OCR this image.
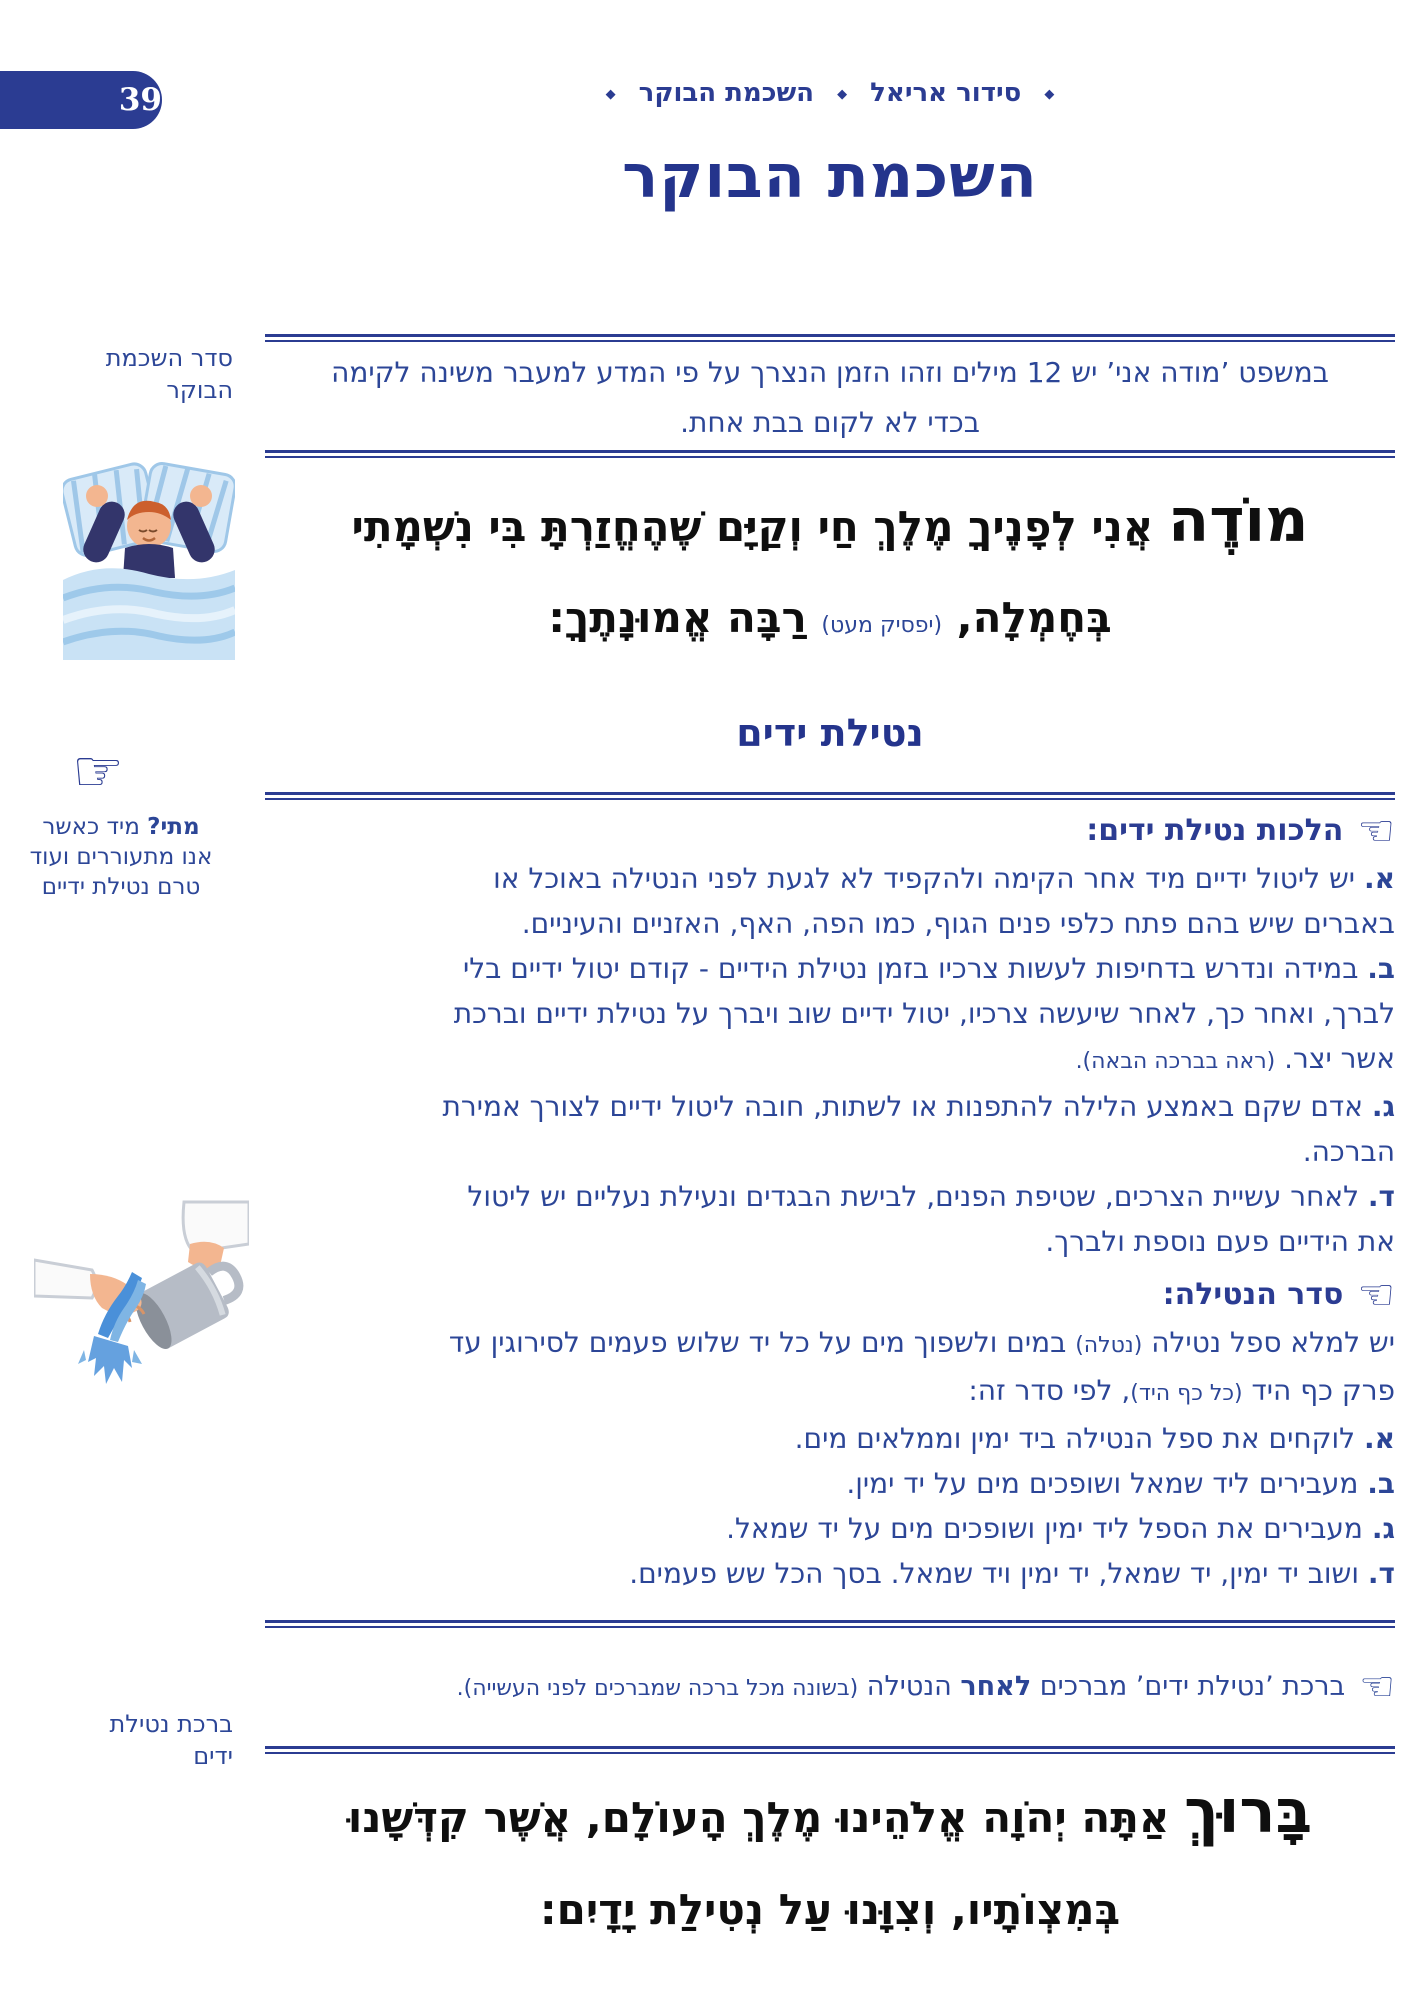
39	◆ סידור אריאל ◆ השכמת הבוקר ◆
סדר השכמת
הבוקר
☞
מתי? מיד כאשר אנו מתעוררים ועוד טרם נטילת ידיים
ברכת נטילת
ידים
השכמת הבוקר
במשפט ’מודה אני’ יש 12 מילים וזהו הזמן הנצרך על פי המדע למעבר משינה לקימה
בכדי לא לקום בבת אחת.
מוֹדֶה אֲנִי לְפָנֶיךָ מֶלֶךְ חַי וְקַיָּם שֶׁהֶחֱזַרְתָּ בִּי נִשְׁמָתִי
בְּחֶמְלָה, (יפסיק מעט) רַבָּה אֱמוּנָתֶךָ:
נטילת ידים
☜
הלכות נטילת ידים:
א. יש ליטול ידיים מיד אחר הקימה ולהקפיד לא לגעת לפני הנטילה באוכל או
באברים שיש בהם פתח כלפי פנים הגוף, כמו הפה, האף, האזניים והעיניים.
ב. במידה ונדרש בדחיפות לעשות צרכיו בזמן נטילת הידיים - קודם יטול ידיים בלי
לברך, ואחר כך, לאחר שיעשה צרכיו, יטול ידיים שוב ויברך על נטילת ידיים וברכת
אשר יצר. (ראה בברכה הבאה).
ג. אדם שקם באמצע הלילה להתפנות או לשתות, חובה ליטול ידיים לצורך אמירת
הברכה.
ד. לאחר עשיית הצרכים, שטיפת הפנים, לבישת הבגדים ונעילת נעליים יש ליטול
את הידיים פעם נוספת ולברך.
☜
סדר הנטילה:
יש למלא ספל נטילה (נטלה) במים ולשפוך מים על כל יד שלוש פעמים לסירוגין עד
פרק כף היד (כל כף היד), לפי סדר זה:
א. לוקחים את ספל הנטילה ביד ימין וממלאים מים.
ב. מעבירים ליד שמאל ושופכים מים על יד ימין.
ג. מעבירים את הספל ליד ימין ושופכים מים על יד שמאל.
ד. ושוב יד ימין, יד שמאל, יד ימין ויד שמאל. בסך הכל שש פעמים.
☜
ברכת ’נטילת ידים’ מברכים לאחר הנטילה (בשונה מכל ברכה שמברכים לפני העשייה).
בָּרוּךְ אַתָּה יְהֹוָה אֱלֹהֵינוּ מֶלֶךְ הָעוֹלָם, אֲשֶׁר קִדְּשָׁנוּ
בְּמִצְוֹתָיו, וְצִוָּנוּ עַל נְטִילַת יָדָיִם:
